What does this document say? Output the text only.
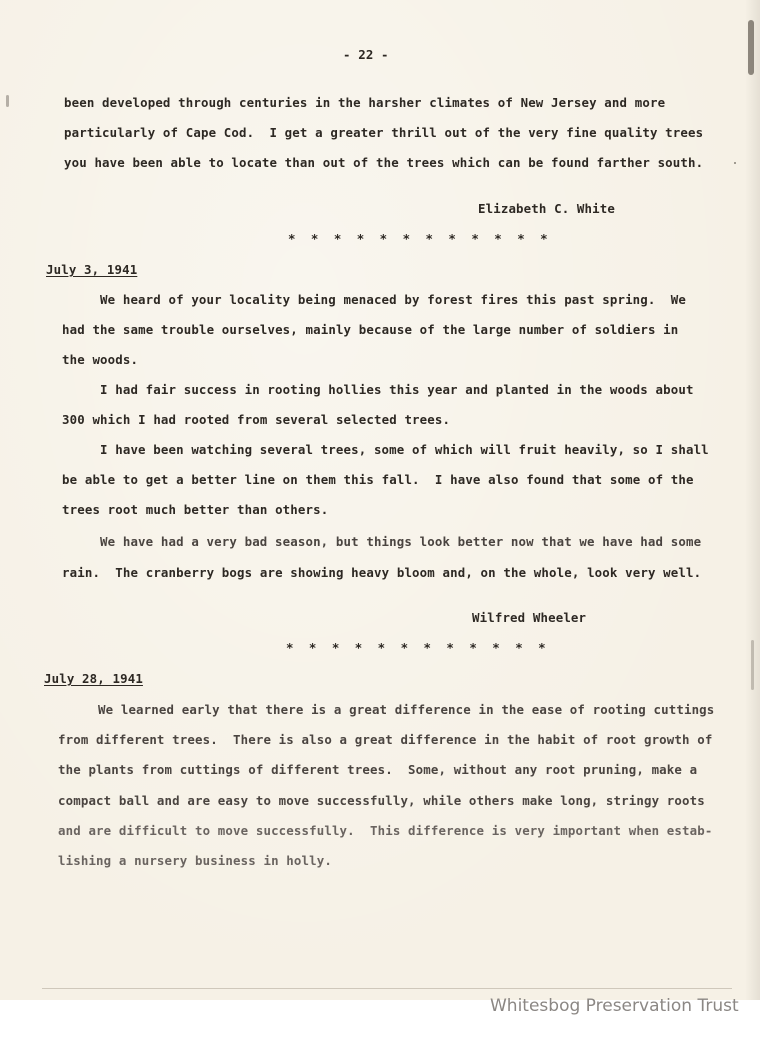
- 22 -
been developed through centuries in the harsher climates of New Jersey and more
particularly of Cape Cod.  I get a greater thrill out of the very fine quality trees
you have been able to locate than out of the trees which can be found farther south.
Elizabeth C. White
* * * * * * * * * * * *
July 3, 1941
We heard of your locality being menaced by forest fires this past spring.  We
had the same trouble ourselves, mainly because of the large number of soldiers in
the woods.
I had fair success in rooting hollies this year and planted in the woods about
300 which I had rooted from several selected trees.
I have been watching several trees, some of which will fruit heavily, so I shall
be able to get a better line on them this fall.  I have also found that some of the
trees root much better than others.
We have had a very bad season, but things look better now that we have had some
rain.  The cranberry bogs are showing heavy bloom and, on the whole, look very well.
Wilfred Wheeler
* * * * * * * * * * * *
July 28, 1941
We learned early that there is a great difference in the ease of rooting cuttings
from different trees.  There is also a great difference in the habit of root growth of
the plants from cuttings of different trees.  Some, without any root pruning, make a
compact ball and are easy to move successfully, while others make long, stringy roots
and are difficult to move successfully.  This difference is very important when estab-
lishing a nursery business in holly.
Whitesbog Preservation Trust
